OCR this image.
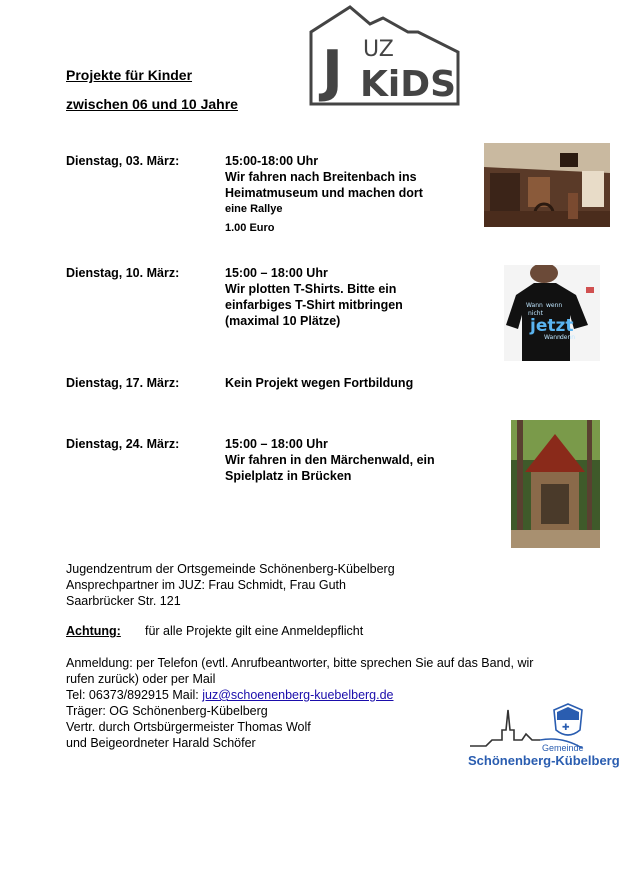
J UZ
KiDS
Projekte für Kinder
zwischen 06 und 10 Jahre
Dienstag, 03. März:	15:00-18:00 Uhr
Wir fahren nach Breitenbach ins
Heimatmuseum und machen dort
eine Rallye
1.00 Euro
Dienstag, 10. März:	15:00 – 18:00 Uhr
Wir plotten T-Shirts. Bitte ein
einfarbiges T-Shirt mitbringen
(maximal 10 Plätze)
Wann wenn
nicht
jetzt
Wann denn
Dienstag, 17. März:	Kein Projekt wegen Fortbildung
Dienstag, 24. März:	15:00 – 18:00 Uhr
Wir fahren in den Märchenwald, ein
Spielplatz in Brücken
Jugendzentrum der Ortsgemeinde Schönenberg-Kübelberg
Ansprechpartner im JUZ: Frau Schmidt, Frau Guth
Saarbrücker Str. 121
Achtung: für alle Projekte gilt eine Anmeldepflicht
Anmeldung: per Telefon (evtl. Anrufbeantworter, bitte sprechen Sie auf das Band, wir
rufen zurück) oder per Mail
Tel: 06373/892915 Mail: juz@schoenenberg-kuebelberg.de
Träger: OG Schönenberg-Kübelberg
Vertr. durch Ortsbürgermeister Thomas Wolf
und Beigeordneter Harald Schöfer
✚
Gemeinde
Schönenberg-Kübelberg
